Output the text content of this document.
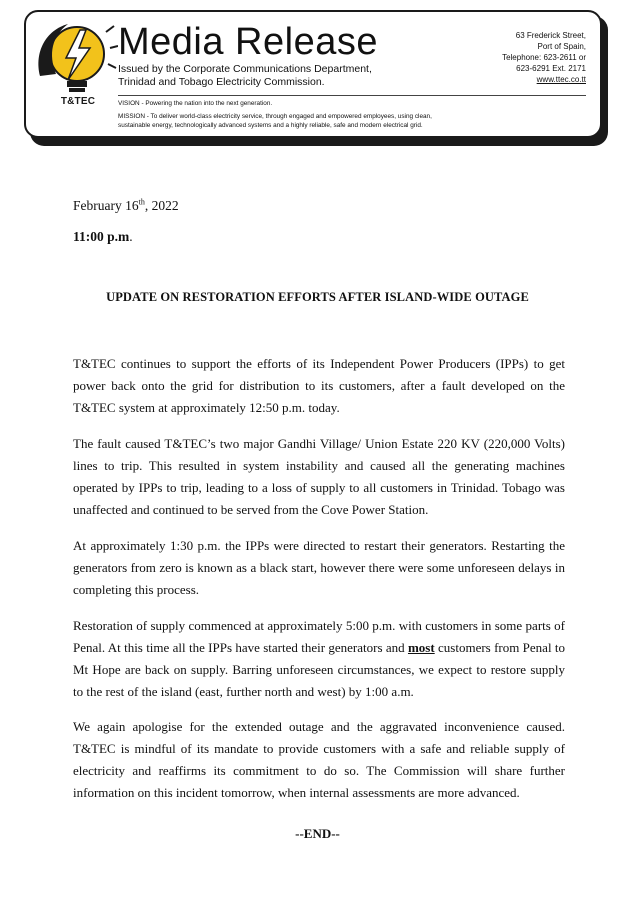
T&TEC
Media Release
Issued by the Corporate Communications Department,
Trinidad and Tobago Electricity Commission.
63 Frederick Street,
Port of Spain,
Telephone: 623-2611 or
623-6291 Ext. 2171
www.ttec.co.tt
VISION - Powering the nation into the next generation.
MISSION - To deliver world-class electricity service, through engaged and empowered employees, using clean,
sustainable energy, technologically advanced systems and a highly reliable, safe and modern electrical grid.
February 16th, 2022
11:00 p.m.
UPDATE ON RESTORATION EFFORTS AFTER ISLAND-WIDE OUTAGE

T&TEC continues to support the efforts of its Independent Power Producers (IPPs) to get power back onto the grid for distribution to its customers, after a fault developed on the T&TEC system at approximately 12:50 p.m. today.

The fault caused T&TEC’s two major Gandhi Village/ Union Estate 220 KV (220,000 Volts) lines to trip. This resulted in system instability and caused all the generating machines operated by IPPs to trip, leading to a loss of supply to all customers in Trinidad. Tobago was unaffected and continued to be served from the Cove Power Station.

At approximately 1:30 p.m. the IPPs were directed to restart their generators. Restarting the generators from zero is known as a black start, however there were some unforeseen delays in completing this process.

Restoration of supply commenced at approximately 5:00 p.m. with customers in some parts of Penal. At this time all the IPPs have started their generators and most customers from Penal to Mt Hope are back on supply. Barring unforeseen circumstances, we expect to restore supply to the rest of the island (east, further north and west) by 1:00 a.m.

We again apologise for the extended outage and the aggravated inconvenience caused. T&TEC is mindful of its mandate to provide customers with a safe and reliable supply of electricity and reaffirms its commitment to do so. The Commission will share further information on this incident tomorrow, when internal assessments are more advanced.

--END--
